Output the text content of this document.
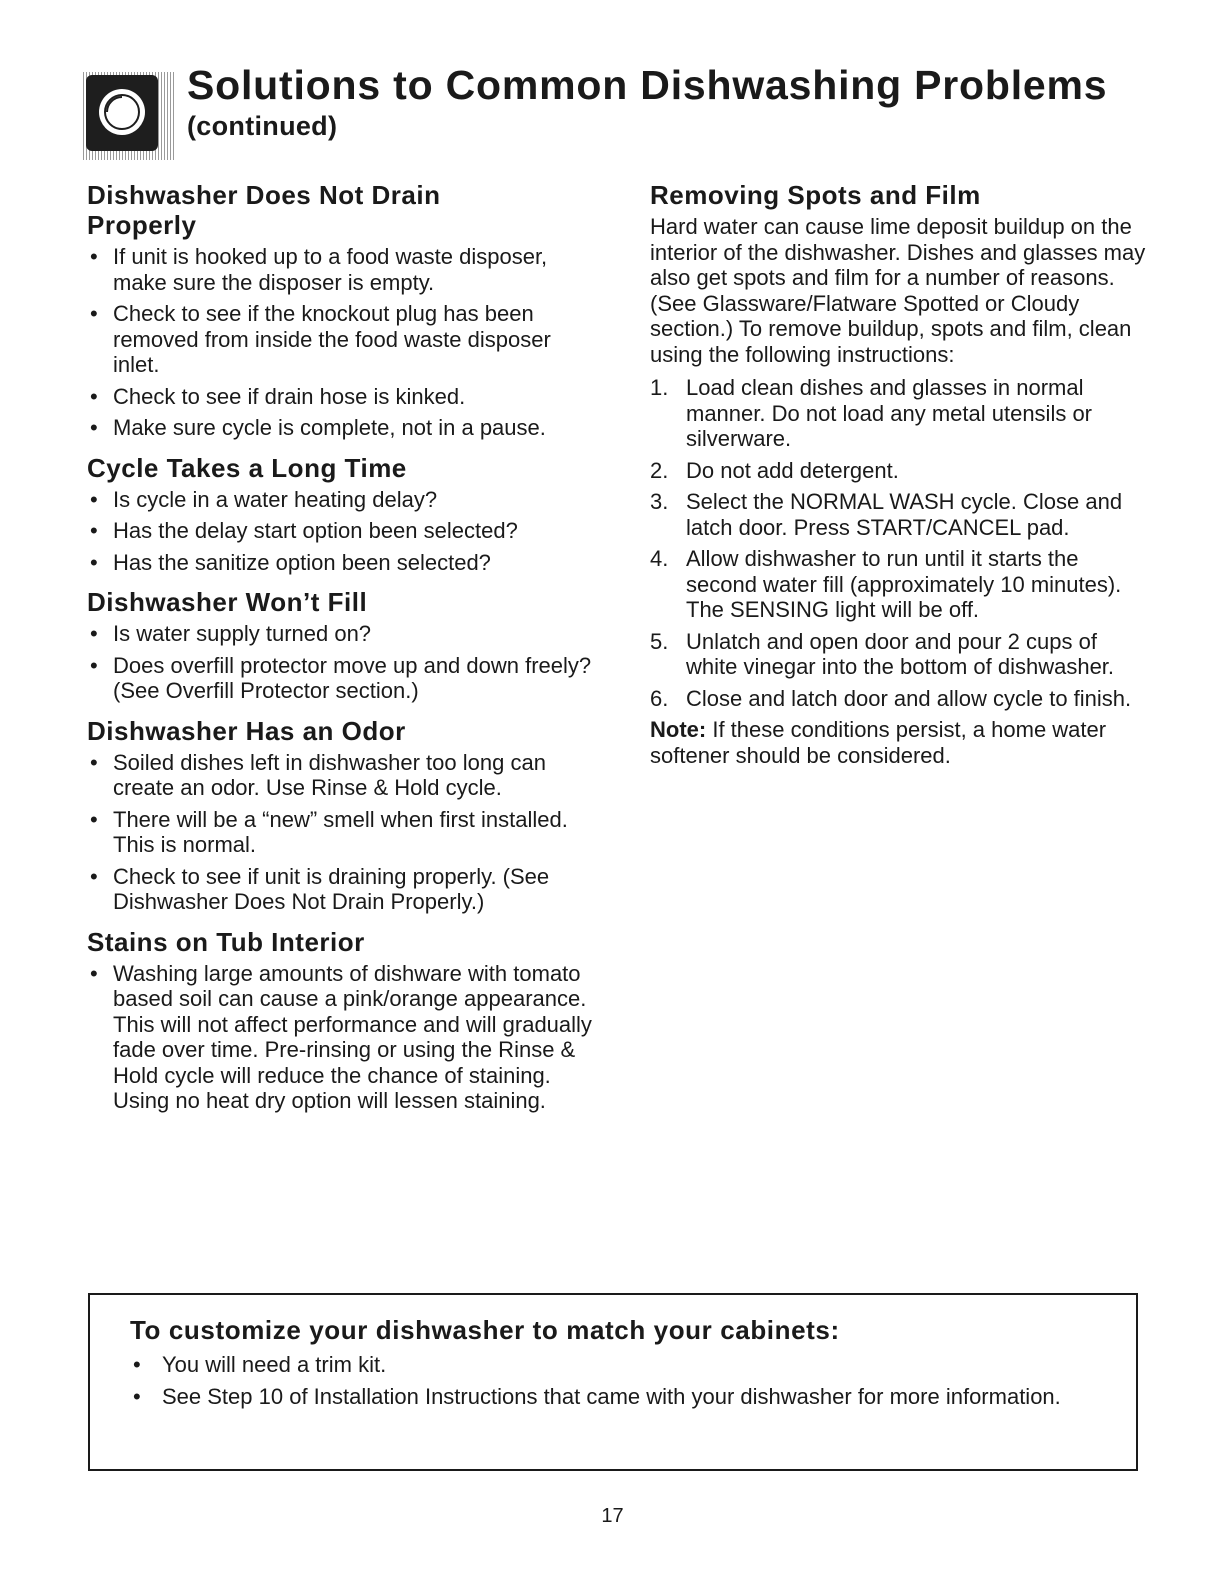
Solutions to Common Dishwashing Problems
(continued)
Dishwasher Does Not Drain Properly
• If unit is hooked up to a food waste disposer, make sure the disposer is empty.
• Check to see if the knockout plug has been removed from inside the food waste disposer inlet.
• Check to see if drain hose is kinked.
• Make sure cycle is complete, not in a pause.
Cycle Takes a Long Time
• Is cycle in a water heating delay?
• Has the delay start option been selected?
• Has the sanitize option been selected?
Dishwasher Won’t Fill
• Is water supply turned on?
• Does overfill protector move up and down freely? (See Overfill Protector section.)
Dishwasher Has an Odor
• Soiled dishes left in dishwasher too long can create an odor. Use Rinse & Hold cycle.
• There will be a “new” smell when first installed. This is normal.
• Check to see if unit is draining properly. (See Dishwasher Does Not Drain Properly.)
Stains on Tub Interior
• Washing large amounts of dishware with tomato based soil can cause a pink/orange appearance. This will not affect performance and will gradually fade over time. Pre-rinsing or using the Rinse & Hold cycle will reduce the chance of staining. Using no heat dry option will lessen staining.
Removing Spots and Film

Hard water can cause lime deposit buildup on the interior of the dishwasher. Dishes and glasses may also get spots and film for a number of reasons. (See Glassware/Flatware Spotted or Cloudy section.) To remove buildup, spots and film, clean using the following instructions:

1. Load clean dishes and glasses in normal manner. Do not load any metal utensils or silverware.
2. Do not add detergent.
3. Select the NORMAL WASH cycle. Close and latch door. Press START/CANCEL pad.
4. Allow dishwasher to run until it starts the second water fill (approximately 10 minutes). The SENSING light will be off.
5. Unlatch and open door and pour 2 cups of white vinegar into the bottom of dishwasher.
6. Close and latch door and allow cycle to finish.

Note: If these conditions persist, a home water softener should be considered.

To customize your dishwasher to match your cabinets:
• You will need a trim kit.
• See Step 10 of Installation Instructions that came with your dishwasher for more information.
17
